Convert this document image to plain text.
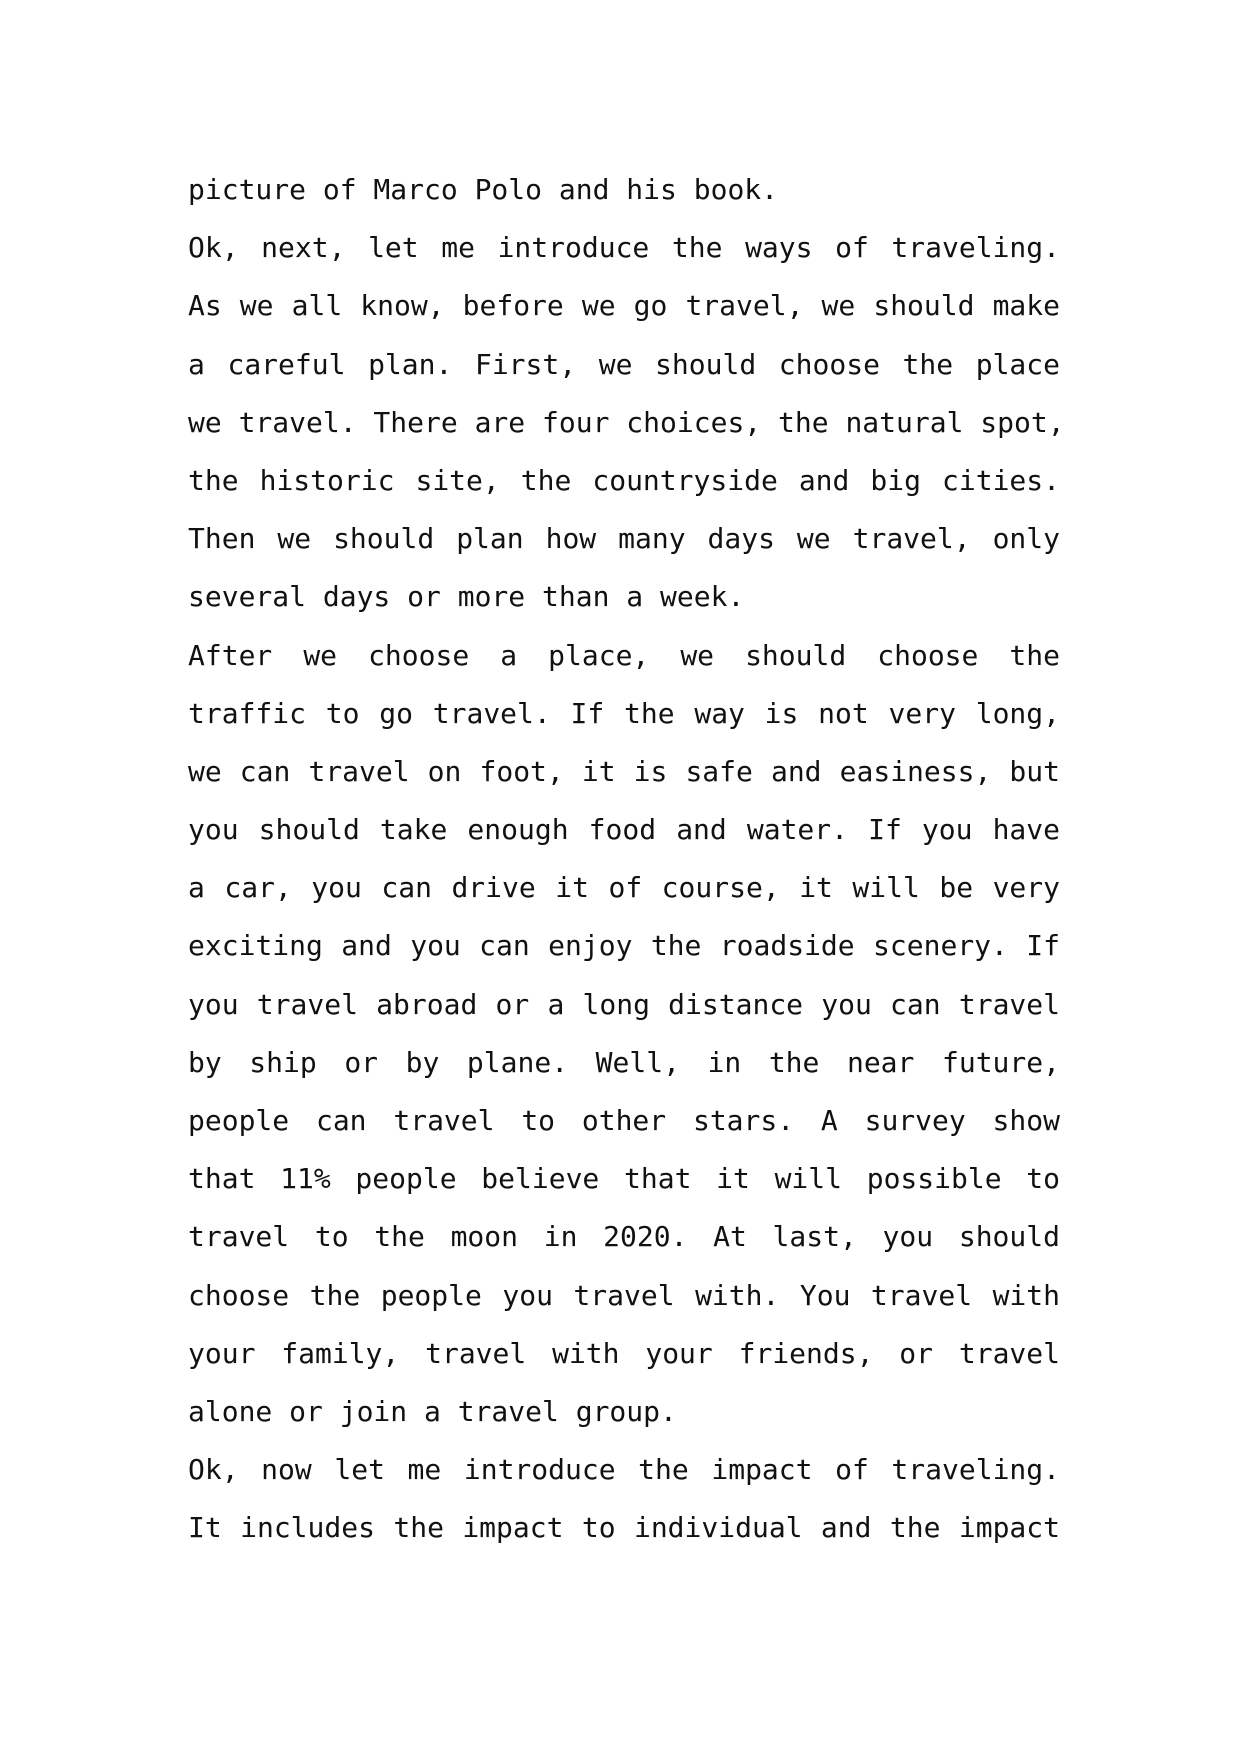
picture of Marco Polo and his book.
Ok, next, let me introduce the ways of traveling.
As we all know, before we go travel, we should make
a careful plan. First, we should choose the place
we travel. There are four choices, the natural spot,
the historic site, the countryside and big cities.
Then we should plan how many days we travel, only
several days or more than a week.
After we choose a place, we should choose the
traffic to go travel. If the way is not very long,
we can travel on foot, it is safe and easiness, but
you should take enough food and water. If you have
a car, you can drive it of course, it will be very
exciting and you can enjoy the roadside scenery. If
you travel abroad or a long distance you can travel
by ship or by plane. Well, in the near future,
people can travel to other stars. A survey show
that 11% people believe that it will possible to
travel to the moon in 2020. At last, you should
choose the people you travel with. You travel with
your family, travel with your friends, or travel
alone or join a travel group.
Ok, now let me introduce the impact of traveling.
It includes the impact to individual and the impact
